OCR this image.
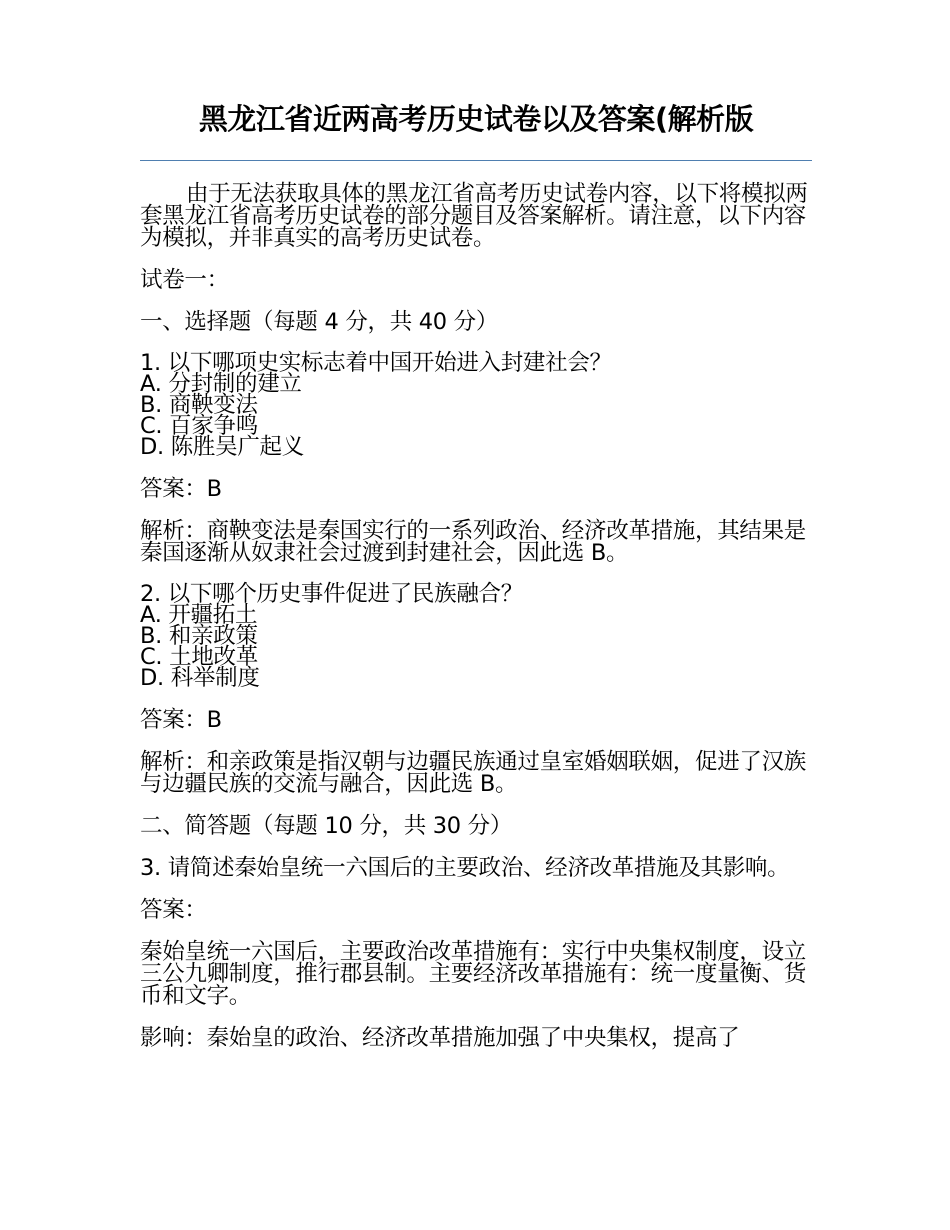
黑龙江省近两高考历史试卷以及答案(解析版

由于无法获取具体的黑龙江省高考历史试卷内容，以下将模拟两套黑龙江省高考历史试卷的部分题目及答案解析。请注意，以下内容为模拟，并非真实的高考历史试卷。

试卷一：

一、选择题（每题 4 分，共 40 分）

1. 以下哪项史实标志着中国开始进入封建社会？
A. 分封制的建立
B. 商鞅变法
C. 百家争鸣
D. 陈胜吴广起义

答案：B

解析：商鞅变法是秦国实行的一系列政治、经济改革措施，其结果是秦国逐渐从奴隶社会过渡到封建社会，因此选 B。

2. 以下哪个历史事件促进了民族融合？
A. 开疆拓土
B. 和亲政策
C. 土地改革
D. 科举制度

答案：B

解析：和亲政策是指汉朝与边疆民族通过皇室婚姻联姻，促进了汉族与边疆民族的交流与融合，因此选 B。

二、简答题（每题 10 分，共 30 分）

3. 请简述秦始皇统一六国后的主要政治、经济改革措施及其影响。

答案：

秦始皇统一六国后，主要政治改革措施有：实行中央集权制度，设立三公九卿制度，推行郡县制。主要经济改革措施有：统一度量衡、货币和文字。

影响：秦始皇的政治、经济改革措施加强了中央集权，提高了
